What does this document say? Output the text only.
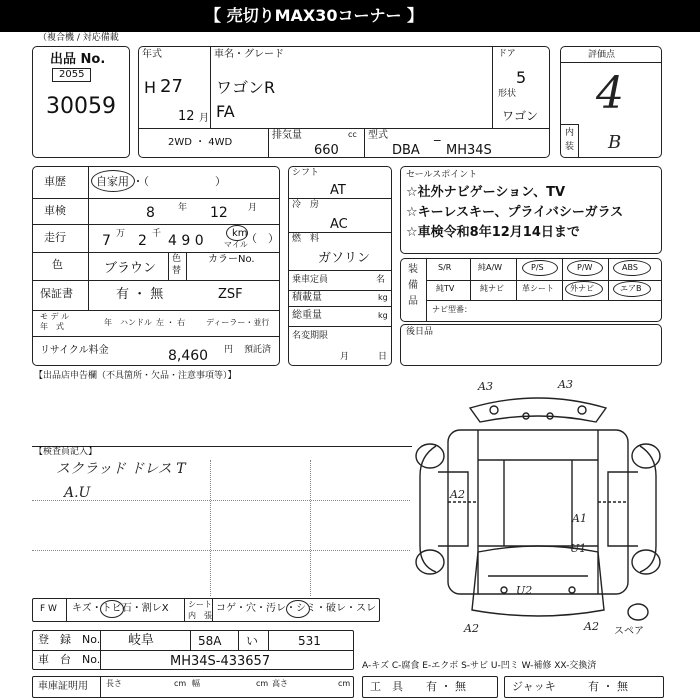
【 売切りMAX30コーナー 】
（複合機 / 対応備載
出品 No.
2055
30059
年式
H 27
12 月
車名・グレード
ワゴンR
FA
ドア
5
形状
ワゴン
2WD ・ 4WD
排気量	cc
660
型式
DBA ‾ MH34S
評価点
4
内
装 B
車歴	自家用 ・（　　　　　　）
車検	8	年 12 月
走行	7 万 2 千 4 9 0	km
マイル
（　）
色	ブラウン
色
替
カラーNo.
保証書	有 ・ 無	ZSF
モ デ ル
年　式	年 ハンドル 左 ・ 右	ディーラー・並行
リサイクル料金	8,460 円 預託済
シフト
AT
冷　房
AC
燃　料
ガソリン
乗車定員	名
積載量	kg
総重量	kg
名変期限
月	日
セールスポイント
☆社外ナビゲーション、TV
☆キーレスキー、プライバシーガラス
☆車検令和8年12月14日まで
装
備
品
S/R	純A/W	P/S	P/W	ABS
純TV	純ナビ 革シート 外ナビ	エアB
ナビ型番：
後日品
【出品店申告欄（不具箇所・欠品・注意事項等）】
【検査員記入】
スクラッド ドレス T
A.U
A3	A3
A2
A1
U1
U2
A2	A2 スペア
F W キズ・トビ石・割レX シート
内　張
コゲ・穴・汚レ・シミ・破レ・スレ
登　録　No. 岐阜	58A い	531
車　台　No.	MH34S-433657	A-キズ C-腐食 E-エクボ S-サビ U-凹ミ W-補修 XX-交換済
車庫証明用 長さ	cm 幅	cm 高さ	cm 工　具 有 ・ 無	ジャッキ	有 ・ 無
